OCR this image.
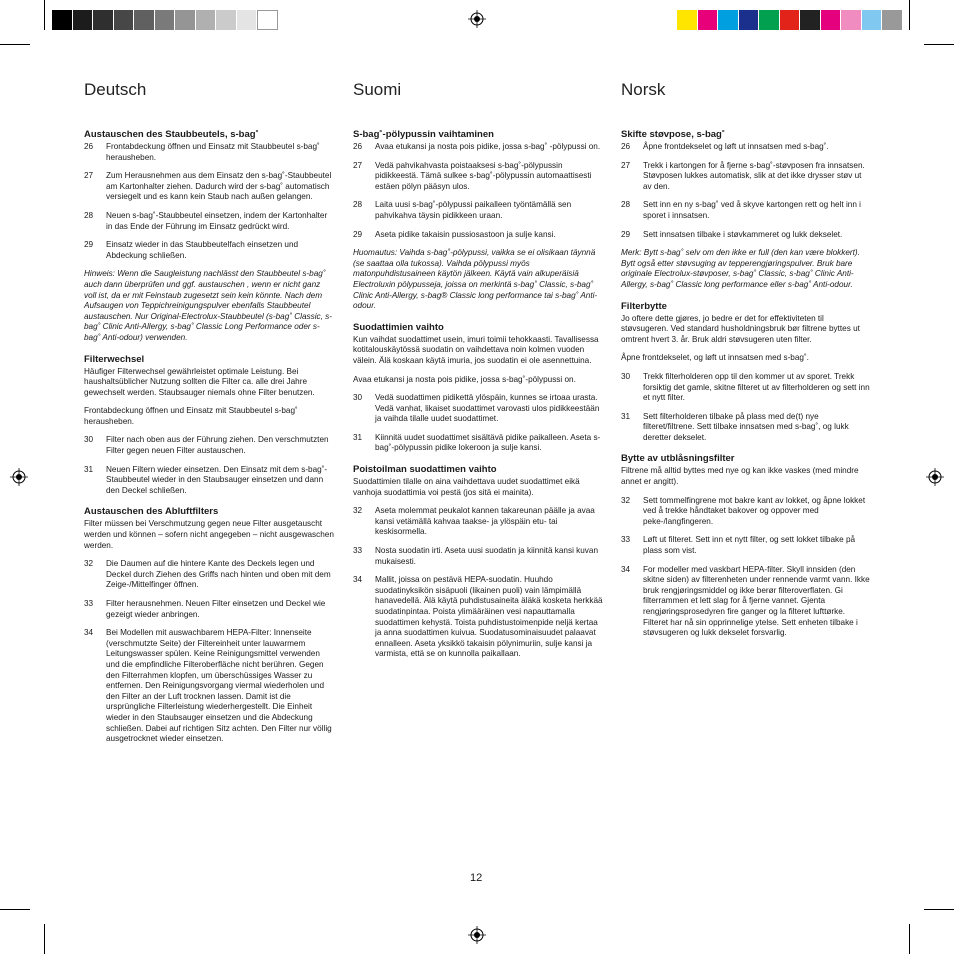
Deutsch
Austauschen des Staubbeutels, s-bag˚
26	Frontabdeckung öffnen und Einsatz mit Staubbeutel s-bag˚ herausheben.
27	Zum Herausnehmen aus dem Einsatz den s-bag˚-Staubbeutel am Kartonhalter ziehen. Dadurch wird der s-bag˚ automatisch versiegelt und es kann kein Staub nach außen gelangen.
28	Neuen s-bag˚-Staubbeutel einsetzen, indem der Kartonhalter in das Ende der Führung im Einsatz gedrückt wird.
29	Einsatz wieder in das Staubbeutelfach einsetzen und Abdeckung schließen.

Hinweis: Wenn die Saugleistung nachlässt den Staubbeutel s-bag˚ auch dann überprüfen und ggf. austauschen , wenn er nicht ganz voll ist, da er mit Feinstaub zugesetzt sein kein könnte. Nach dem Aufsaugen von Teppichreinigungspulver ebenfalls Staubbeutel austauschen. Nur Original-Electrolux-Staubbeutel (s-bag˚ Classic, s-bag˚ Clinic Anti-Allergy, s-bag˚ Classic Long Performance oder s-bag˚ Anti-odour) verwenden.

Filterwechsel

Häufiger Filterwechsel gewährleistet optimale Leistung. Bei haushaltsüblicher Nutzung sollten die Filter ca. alle drei Jahre gewechselt werden. Staubsauger niemals ohne Filter benutzen.

Frontabdeckung öffnen und Einsatz mit Staubbeutel s-bag˚ herausheben.

30	Filter nach oben aus der Führung ziehen. Den verschmutzten Filter gegen neuen Filter austauschen.
31	Neuen Filtern wieder einsetzen. Den Einsatz mit dem s-bag˚-Staubbeutel wieder in den Staubsauger einsetzen und dann den Deckel schließen.
Austauschen des Abluftfilters

Filter müssen bei Verschmutzung gegen neue Filter ausgetauscht werden und können – sofern nicht angegeben – nicht ausgewaschen werden.

32	Die Daumen auf die hintere Kante des Deckels legen und Deckel durch Ziehen des Griffs nach hinten und oben mit dem Zeige-/Mittelfinger öffnen.
33	Filter herausnehmen. Neuen Filter einsetzen und Deckel wie gezeigt wieder anbringen.
34	Bei Modellen mit auswachbarem HEPA-Filter: Innenseite (verschmutzte Seite) der Filtereinheit unter lauwarmem Leitungswasser spülen. Keine Reinigungsmittel verwenden und die empfindliche Filteroberfläche nicht berühren. Gegen den Filterrahmen klopfen, um überschüssiges Wasser zu entfernen. Den Reinigungsvorgang viermal wiederholen und den Filter an der Luft trocknen lassen. Damit ist die ursprüngliche Filterleistung wiederhergestellt. Die Einheit wieder in den Staubsauger einsetzen und die Abdeckung schließen. Dabei auf richtigen Sitz achten. Den Filter nur völlig ausgetrocknet wieder einsetzen.
Suomi
S-bag˚-pölypussin vaihtaminen
26	Avaa etukansi ja nosta pois pidike, jossa s-bag˚ -pölypussi on.
27	Vedä pahvikahvasta poistaaksesi s-bag˚-pölypussin pidikkeestä. Tämä sulkee s-bag˚-pölypussin automaattisesti estäen pölyn pääsyn ulos.
28	Laita uusi s-bag˚-pölypussi paikalleen työntämällä sen pahvikahva täysin pidikkeen uraan.
29	Aseta pidike takaisin pussiosastoon ja sulje kansi.

Huomautus: Vaihda s-bag˚-pölypussi, vaikka se ei olisikaan täynnä (se saattaa olla tukossa). Vaihda pölypussi myös matonpuhdistusaineen käytön jälkeen. Käytä vain alkuperäisiä Electroluxin pölypusseja, joissa on merkintä s-bag˚ Classic, s-bag˚ Clinic Anti-Allergy, s-bag® Classic long performance tai s-bag˚ Anti-odour.

Suodattimien vaihto

Kun vaihdat suodattimet usein, imuri toimii tehokkaasti. Tavallisessa kotitalouskäytössä suodatin on vaihdettava noin kolmen vuoden välein. Älä koskaan käytä imuria, jos suodatin ei ole asennettuina.

Avaa etukansi ja nosta pois pidike, jossa s-bag˚-pölypussi on.

30	Vedä suodattimen pidikettä ylöspäin, kunnes se irtoaa urasta. Vedä vanhat, likaiset suodattimet varovasti ulos pidikkeestään ja vaihda tilalle uudet suodattimet.
31	Kiinnitä uudet suodattimet sisältävä pidike paikalleen. Aseta s-bag˚-pölypussin pidike lokeroon ja sulje kansi.
Poistoilman suodattimen vaihto

Suodattimien tilalle on aina vaihdettava uudet suodattimet eikä vanhoja suodattimia voi pestä (jos sitä ei mainita).

32	Aseta molemmat peukalot kannen takareunan päälle ja avaa kansi vetämällä kahvaa taakse- ja ylöspäin etu- tai keskisormella.
33	Nosta suodatin irti. Aseta uusi suodatin ja kiinnitä kansi kuvan mukaisesti.
34	Mallit, joissa on pestävä HEPA-suodatin. Huuhdo suodatinyksikön sisäpuoli (likainen puoli) vain lämpimällä hanavedellä. Älä käytä puhdistusaineita äläkä kosketa herkkää suodatinpintaa. Poista ylimääräinen vesi napauttamalla suodattimen kehystä. Toista puhdistustoimenpide neljä kertaa ja anna suodattimen kuivua. Suodatusominaisuudet palaavat ennalleen. Aseta yksikkö takaisin pölynimuriin, sulje kansi ja varmista, että se on kunnolla paikallaan.
Norsk
Skifte støvpose, s-bag˚
26	Åpne frontdekselet og løft ut innsatsen med s-bag˚.
27	Trekk i kartongen for å fjerne s-bag˚-støvposen fra innsatsen. Støvposen lukkes automatisk, slik at det ikke drysser støv ut av den.
28	Sett inn en ny s-bag˚ ved å skyve kartongen rett og helt inn i sporet i innsatsen.
29	Sett innsatsen tilbake i støvkammeret og lukk dekselet.

Merk: Bytt s-bag˚ selv om den ikke er full (den kan være blokkert). Bytt også etter støvsuging av tepperengjøringspulver. Bruk bare originale Electrolux-støvposer, s-bag˚ Classic, s-bag˚ Clinic Anti-Allergy, s-bag˚ Classic long performance eller s-bag˚ Anti-odour.

Filterbytte

Jo oftere dette gjøres, jo bedre er det for effektiviteten til støvsugeren. Ved standard husholdningsbruk bør filtrene byttes ut omtrent hvert 3. år. Bruk aldri støvsugeren uten filter.

Åpne frontdekselet, og løft ut innsatsen med s-bag˚.

30	Trekk filterholderen opp til den kommer ut av sporet. Trekk forsiktig det gamle, skitne filteret ut av filterholderen og sett inn et nytt filter.
31	Sett filterholderen tilbake på plass med de(t) nye filteret/filtrene. Sett tilbake innsatsen med s-bag˚, og lukk deretter dekselet.
Bytte av utblåsningsfilter

Filtrene må alltid byttes med nye og kan ikke vaskes (med mindre annet er angitt).

32	Sett tommelfingrene mot bakre kant av lokket, og åpne lokket ved å trekke håndtaket bakover og oppover med peke-/langfingeren.
33	Løft ut filteret. Sett inn et nytt filter, og sett lokket tilbake på plass som vist.
34	For modeller med vaskbart HEPA-filter. Skyll innsiden (den skitne siden) av filterenheten under rennende varmt vann. Ikke bruk rengjøringsmiddel og ikke berør filteroverflaten. Gi filterrammen et lett slag for å fjerne vannet. Gjenta rengjøringsprosedyren fire ganger og la filteret lufttørke. Filteret har nå sin opprinnelige ytelse. Sett enheten tilbake i støvsugeren og lukk dekselet forsvarlig.
12
